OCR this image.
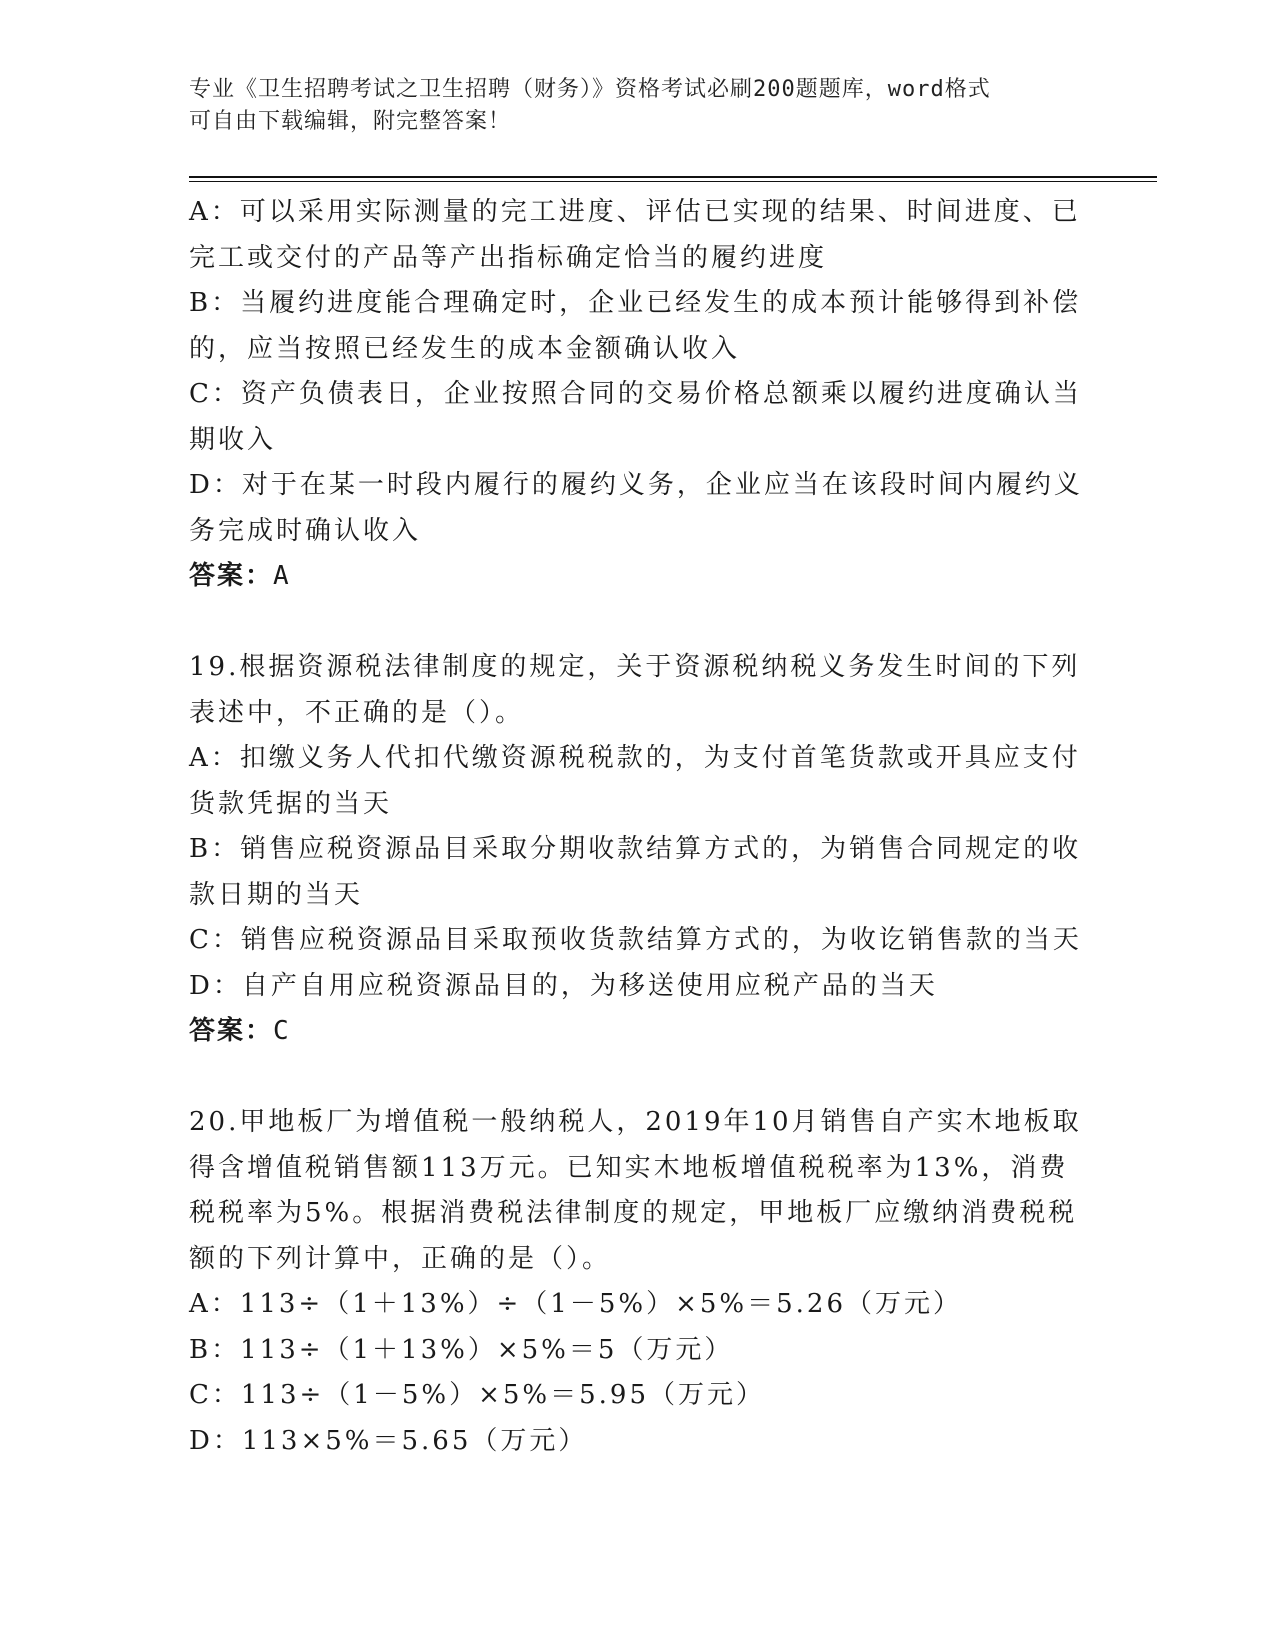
专业《卫生招聘考试之卫生招聘（财务）》资格考试必刷200题题库，word格式
可自由下载编辑，附完整答案！
A：可以采用实际测量的完工进度、评估已实现的结果、时间进度、已
完工或交付的产品等产出指标确定恰当的履约进度
B：当履约进度能合理确定时，企业已经发生的成本预计能够得到补偿
的，应当按照已经发生的成本金额确认收入
C：资产负债表日，企业按照合同的交易价格总额乘以履约进度确认当
期收入
D：对于在某一时段内履行的履约义务，企业应当在该段时间内履约义
务完成时确认收入
答案：A
19.根据资源税法律制度的规定，关于资源税纳税义务发生时间的下列
表述中，不正确的是（）。
A：扣缴义务人代扣代缴资源税税款的，为支付首笔货款或开具应支付
货款凭据的当天
B：销售应税资源品目采取分期收款结算方式的，为销售合同规定的收
款日期的当天
C：销售应税资源品目采取预收货款结算方式的，为收讫销售款的当天
D：自产自用应税资源品目的，为移送使用应税产品的当天
答案：C
20.甲地板厂为增值税一般纳税人，2019年10月销售自产实木地板取
得含增值税销售额113万元。已知实木地板增值税税率为13%，消费
税税率为5%。根据消费税法律制度的规定，甲地板厂应缴纳消费税税
额的下列计算中，正确的是（）。
A：113÷（1＋13%）÷（1－5%）×5%＝5.26（万元）
B：113÷（1＋13%）×5%＝5（万元）
C：113÷（1－5%）×5%＝5.95（万元）
D：113×5%＝5.65（万元）
